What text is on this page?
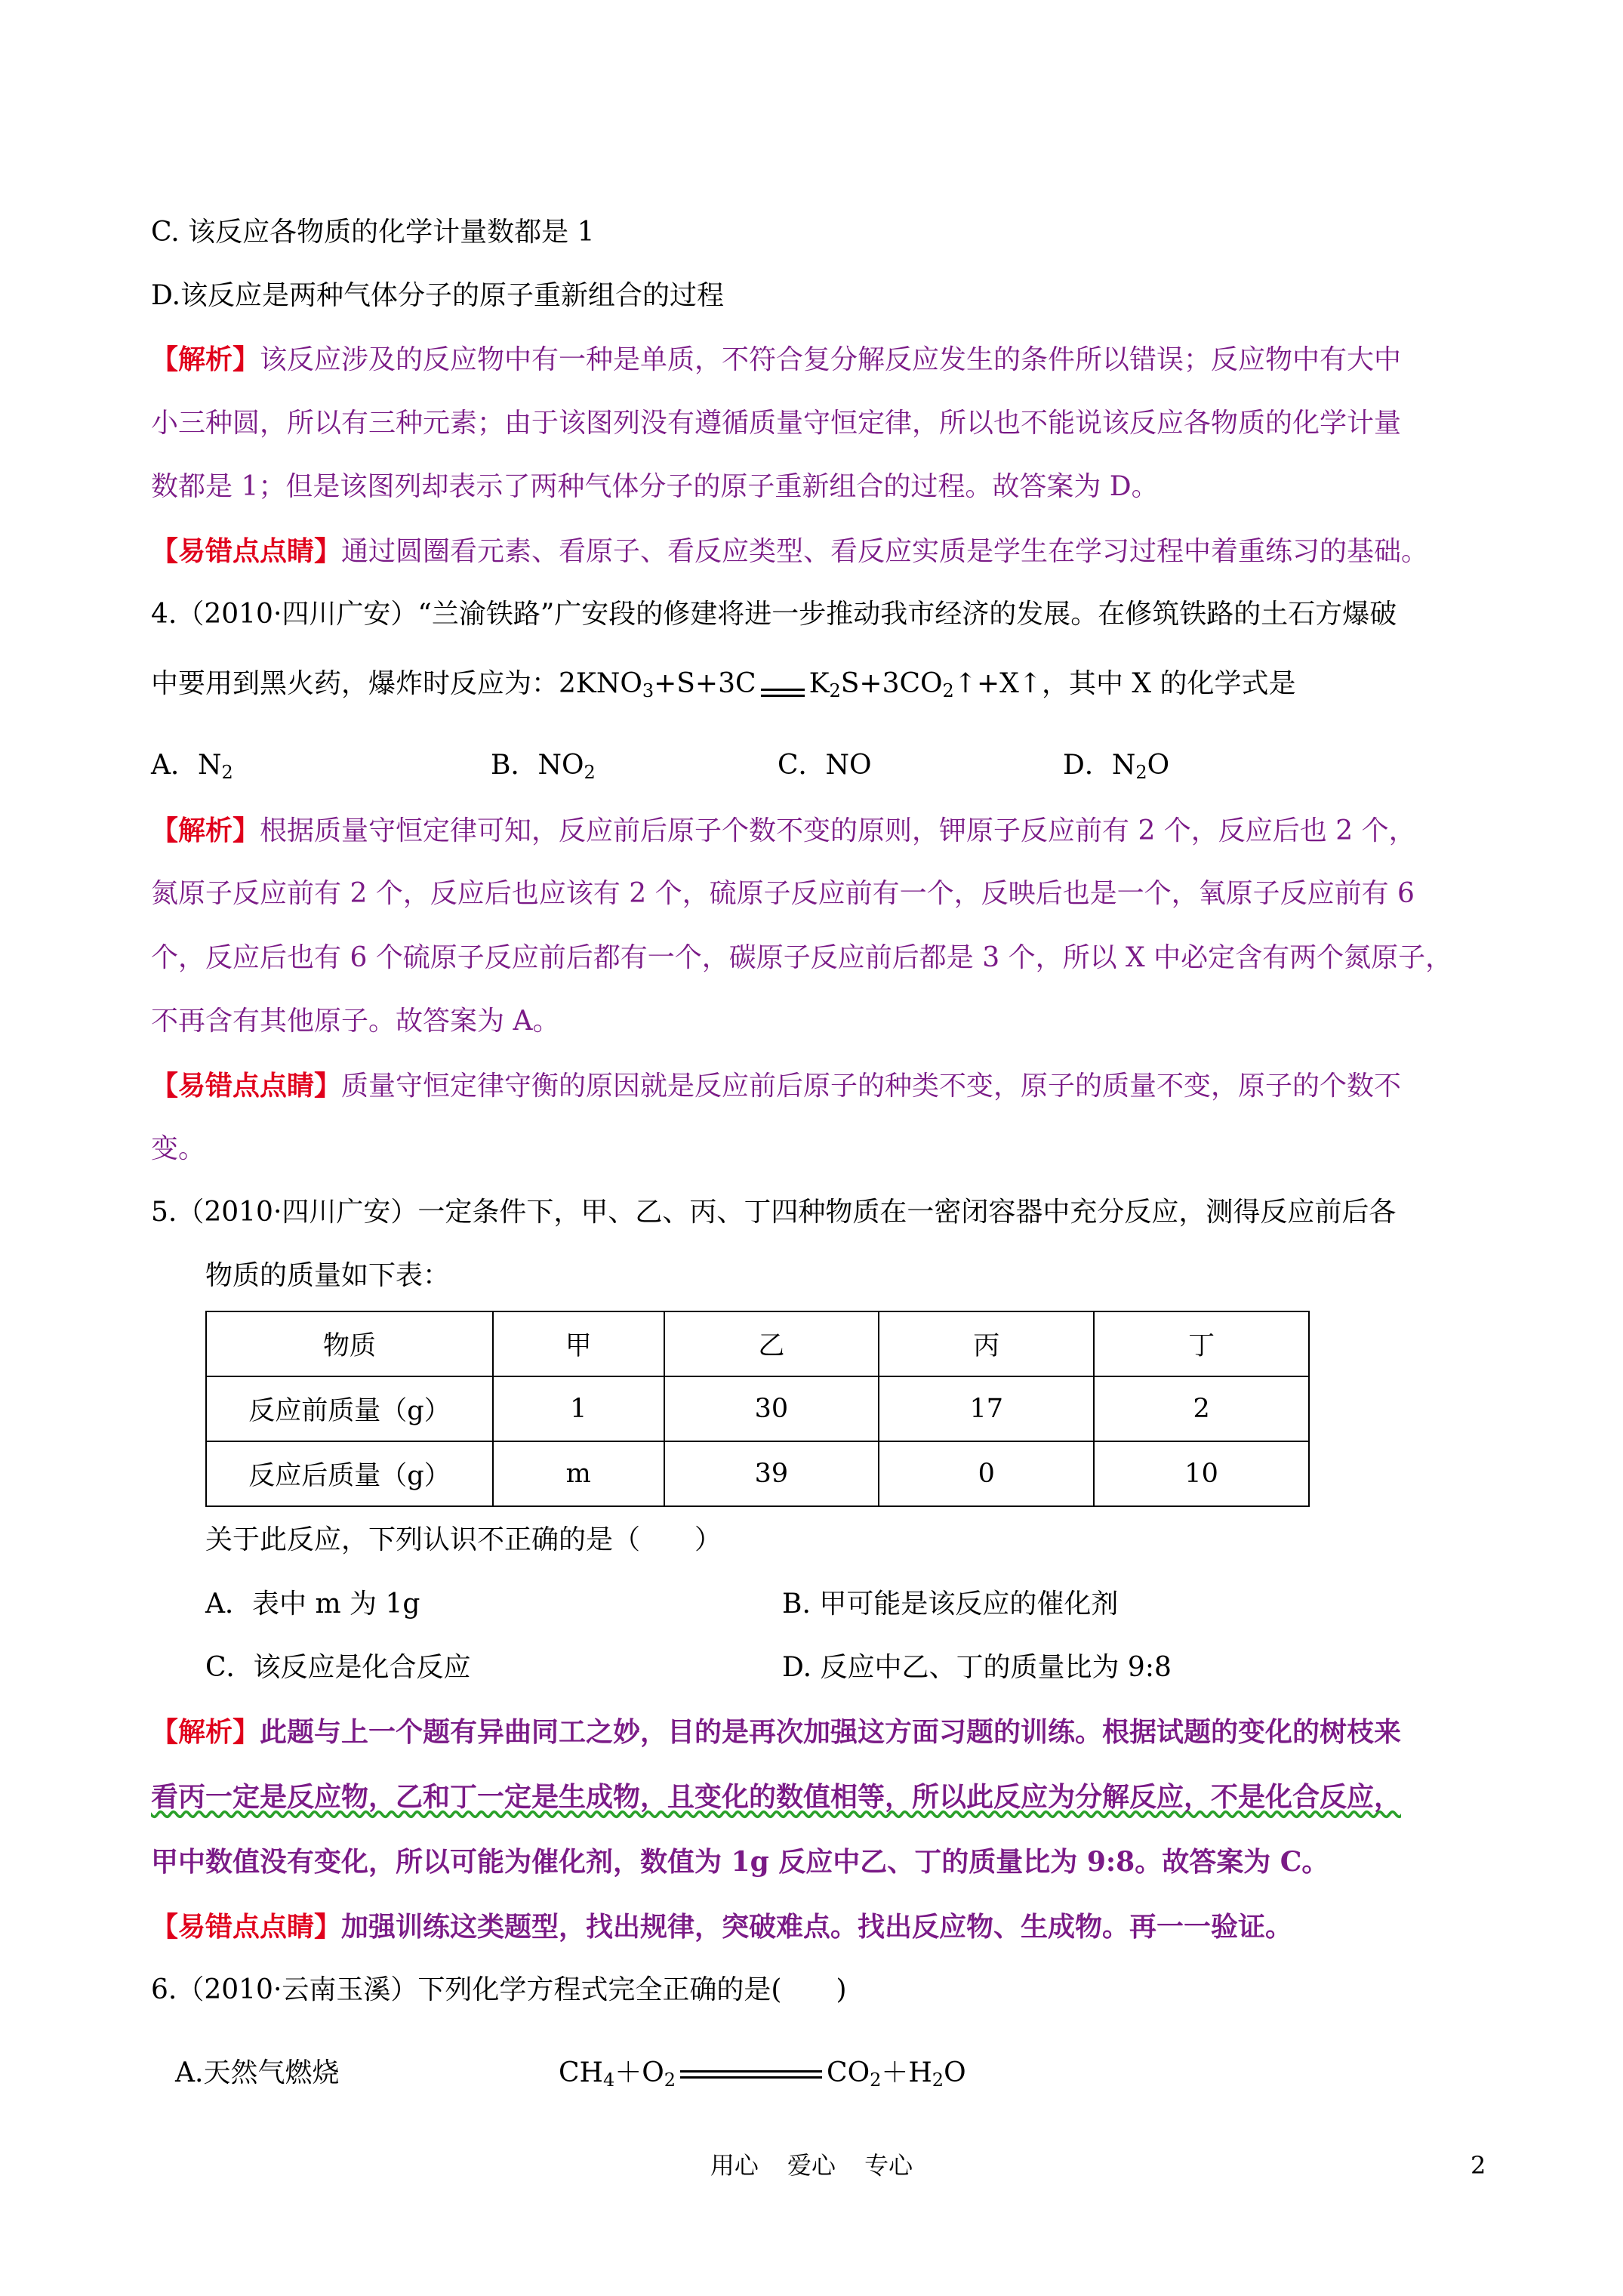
C. 该反应各物质的化学计量数都是 1
D.该反应是两种气体分子的原子重新组合的过程
【解析】该反应涉及的反应物中有一种是单质，不符合复分解反应发生的条件所以错误；反应物中有大中
小三种圆，所以有三种元素；由于该图列没有遵循质量守恒定律，所以也不能说该反应各物质的化学计量
数都是 1；但是该图列却表示了两种气体分子的原子重新组合的过程。故答案为 D。
【易错点点睛】通过圆圈看元素、看原子、看反应类型、看反应实质是学生在学习过程中着重练习的基础。
4.（2010·四川广安）“兰渝铁路”广安段的修建将进一步推动我市经济的发展。在修筑铁路的土石方爆破
中要用到黑火药，爆炸时反应为：$2KNO_3+S+3C$ $K_2S+3CO_2↑+X↑$，其中 X 的化学式是
A．$N_2$	B．$NO_2$	C．NO	D．$N_2O$
【解析】根据质量守恒定律可知，反应前后原子个数不变的原则，钾原子反应前有 2 个，反应后也 2 个，
氮原子反应前有 2 个，反应后也应该有 2 个，硫原子反应前有一个，反映后也是一个，氧原子反应前有 6
个，反应后也有 6 个硫原子反应前后都有一个，碳原子反应前后都是 3 个，所以 X 中必定含有两个氮原子，
不再含有其他原子。故答案为 A。
【易错点点睛】质量守恒定律守衡的原因就是反应前后原子的种类不变，原子的质量不变，原子的个数不
变。
5.（2010·四川广安）一定条件下，甲、乙、丙、丁四种物质在一密闭容器中充分反应，测得反应前后各
物质的质量如下表：
物质	甲	乙	丙	丁
反应前质量（g）	1	30	17	2
反应后质量（g）	m	39	0	10
关于此反应，下列认识不正确的是（　　）
A．表中 m 为 1g	B. 甲可能是该反应的催化剂
C．该反应是化合反应	D. 反应中乙、丁的质量比为 9:8
【解析】此题与上一个题有异曲同工之妙，目的是再次加强这方面习题的训练。根据试题的变化的树枝来
看丙一定是反应物，乙和丁一定是生成物，且变化的数值相等，所以此反应为分解反应，不是化合反应，
甲中数值没有变化，所以可能为催化剂，数值为 1g 反应中乙、丁的质量比为 9:8。故答案为 C。
【易错点点睛】加强训练这类题型，找出规律，突破难点。找出反应物、生成物。再一一验证。
6.（2010·云南玉溪）下列化学方程式完全正确的是(　　)
A.天然气燃烧	$CH_4+O_2$	$CO_2+H_2O$
用心 爱心 专心	2
